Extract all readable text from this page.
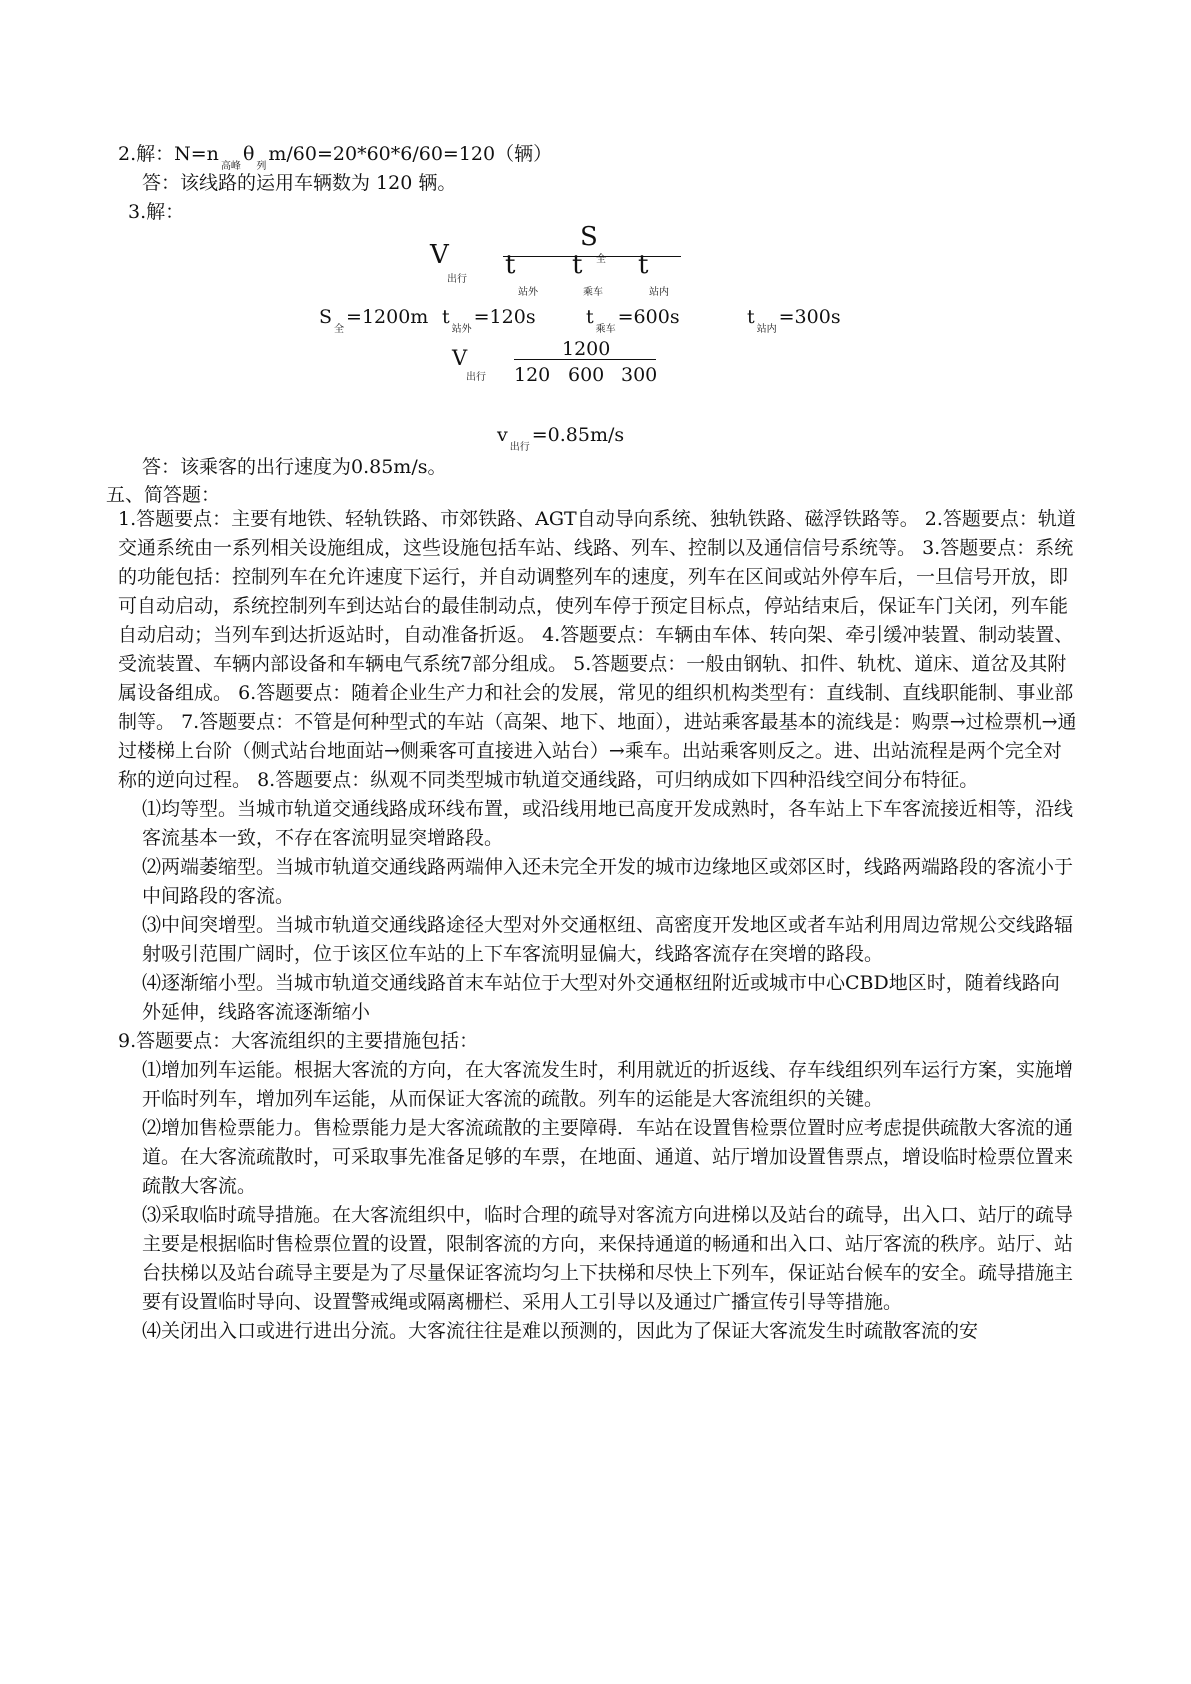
2.解：$N=n_{高峰}\theta_列m/60=20*60*6/60=120$（辆）
答：该线路的运用车辆数为 120 辆。
3.解：
V
出行
S
全
t
站外
t
乘车
t
站内
$S_全=1200m$ $t_{站外}=120s$	$t_{乘车}=600s$	$t_{站内}=300s$
V
出行
1200
120 600 300
$v_{出行}=0.85m/s$
答：该乘客的出行速度为0.85m/s。
五、简答题：
1.答题要点：主要有地铁、轻轨铁路、市郊铁路、AGT自动导向系统、独轨铁路、磁浮铁路等。 2.答题要点：轨道交通系统由一系列相关设施组成，这些设施包括车站、线路、列车、控制以及通信信号系统等。 3.答题要点：系统的功能包括：控制列车在允许速度下运行，并自动调整列车的速度，列车在区间或站外停车后，一旦信号开放，即可自动启动，系统控制列车到达站台的最佳制动点，使列车停于预定目标点，停站结束后，保证车门关闭，列车能自动启动；当列车到达折返站时，自动准备折返。 4.答题要点：车辆由车体、转向架、牵引缓冲装置、制动装置、受流装置、车辆内部设备和车辆电气系统7部分组成。 5.答题要点：一般由钢轨、扣件、轨枕、道床、道岔及其附属设备组成。 6.答题要点：随着企业生产力和社会的发展，常见的组织机构类型有：直线制、直线职能制、事业部制等。 7.答题要点：不管是何种型式的车站（高架、地下、地面），进站乘客最基本的流线是：购票→过检票机→通过楼梯上台阶（侧式站台地面站→侧乘客可直接进入站台）→乘车。出站乘客则反之。进、出站流程是两个完全对称的逆向过程。 8.答题要点：纵观不同类型城市轨道交通线路，可归纳成如下四种沿线空间分布特征。
⑴均等型。当城市轨道交通线路成环线布置，或沿线用地已高度开发成熟时，各车站上下车客流接近相等，沿线客流基本一致，不存在客流明显突增路段。
⑵两端萎缩型。当城市轨道交通线路两端伸入还未完全开发的城市边缘地区或郊区时，线路两端路段的客流小于中间路段的客流。
⑶中间突增型。当城市轨道交通线路途径大型对外交通枢纽、高密度开发地区或者车站利用周边常规公交线路辐射吸引范围广阔时，位于该区位车站的上下车客流明显偏大，线路客流存在突增的路段。
⑷逐渐缩小型。当城市轨道交通线路首末车站位于大型对外交通枢纽附近或城市中心CBD地区时，随着线路向外延伸，线路客流逐渐缩小
9.答题要点：大客流组织的主要措施包括：
⑴增加列车运能。根据大客流的方向，在大客流发生时，利用就近的折返线、存车线组织列车运行方案，实施增开临时列车，增加列车运能，从而保证大客流的疏散。列车的运能是大客流组织的关键。
⑵增加售检票能力。售检票能力是大客流疏散的主要障碍．车站在设置售检票位置时应考虑提供疏散大客流的通道。在大客流疏散时，可采取事先准备足够的车票，在地面、通道、站厅增加设置售票点，增设临时检票位置来疏散大客流。
⑶采取临时疏导措施。在大客流组织中，临时合理的疏导对客流方向进梯以及站台的疏导，出入口、站厅的疏导主要是根据临时售检票位置的设置，限制客流的方向，来保持通道的畅通和出入口、站厅客流的秩序。站厅、站台扶梯以及站台疏导主要是为了尽量保证客流均匀上下扶梯和尽快上下列车，保证站台候车的安全。疏导措施主要有设置临时导向、设置警戒绳或隔离栅栏、采用人工引导以及通过广播宣传引导等措施。
⑷关闭出入口或进行进出分流。大客流往往是难以预测的，因此为了保证大客流发生时疏散客流的安
